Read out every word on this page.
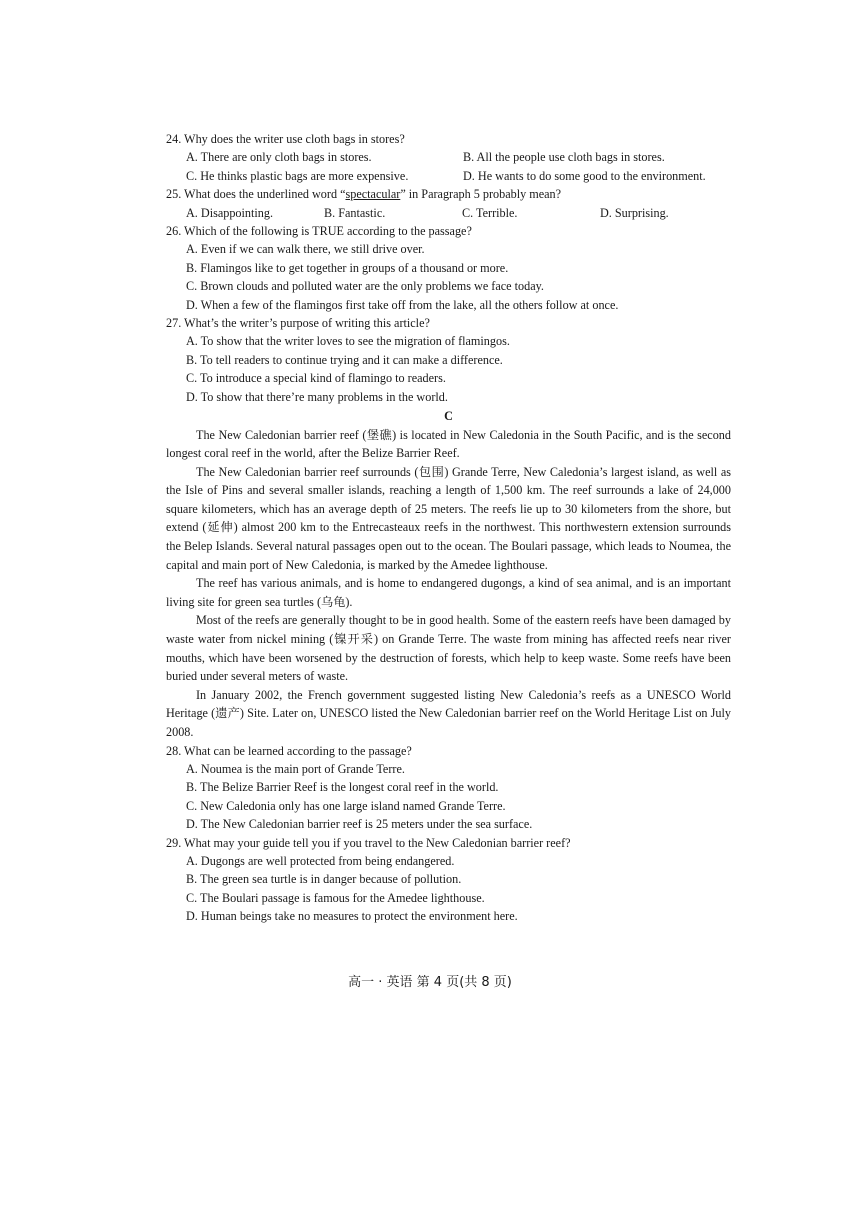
24. Why does the writer use cloth bags in stores?

A. There are only cloth bags in stores.	B. All the people use cloth bags in stores.
C. He thinks plastic bags are more expensive.	D. He wants to do some good to the environment.

25. What does the underlined word “spectacular” in Paragraph 5 probably mean?

A. Disappointing.	B. Fantastic.	C. Terrible.	D. Surprising.

26. Which of the following is TRUE according to the passage?

A. Even if we can walk there, we still drive over.

B. Flamingos like to get together in groups of a thousand or more.

C. Brown clouds and polluted water are the only problems we face today.

D. When a few of the flamingos first take off from the lake, all the others follow at once.

27. What’s the writer’s purpose of writing this article?

A. To show that the writer loves to see the migration of flamingos.

B. To tell readers to continue trying and it can make a difference.

C. To introduce a special kind of flamingo to readers.

D. To show that there’re many problems in the world.

C

The New Caledonian barrier reef (堡礁) is located in New Caledonia in the South Pacific, and is the second longest coral reef in the world, after the Belize Barrier Reef.

The New Caledonian barrier reef surrounds (包围) Grande Terre, New Caledonia’s largest island, as well as the Isle of Pins and several smaller islands, reaching a length of 1,500 km. The reef surrounds a lake of 24,000 square kilometers, which has an average depth of 25 meters. The reefs lie up to 30 kilometers from the shore, but extend (延伸) almost 200 km to the Entrecasteaux reefs in the northwest. This northwestern extension surrounds the Belep Islands. Several natural passages open out to the ocean. The Boulari passage, which leads to Noumea, the capital and main port of New Caledonia, is marked by the Amedee lighthouse.

The reef has various animals, and is home to endangered dugongs, a kind of sea animal, and is an important living site for green sea turtles (乌龟).

Most of the reefs are generally thought to be in good health. Some of the eastern reefs have been damaged by waste water from nickel mining (镍开采) on Grande Terre. The waste from mining has affected reefs near river mouths, which have been worsened by the destruction of forests, which help to keep waste. Some reefs have been buried under several meters of waste.

In January 2002, the French government suggested listing New Caledonia’s reefs as a UNESCO World Heritage (遗产) Site. Later on, UNESCO listed the New Caledonian barrier reef on the World Heritage List on July 2008.

28. What can be learned according to the passage?

A. Noumea is the main port of Grande Terre.

B. The Belize Barrier Reef is the longest coral reef in the world.

C. New Caledonia only has one large island named Grande Terre.

D. The New Caledonian barrier reef is 25 meters under the sea surface.

29. What may your guide tell you if you travel to the New Caledonian barrier reef?

A. Dugongs are well protected from being endangered.

B. The green sea turtle is in danger because of pollution.

C. The Boulari passage is famous for the Amedee lighthouse.

D. Human beings take no measures to protect the environment here.

高一 · 英语 第 4 页(共 8 页)
